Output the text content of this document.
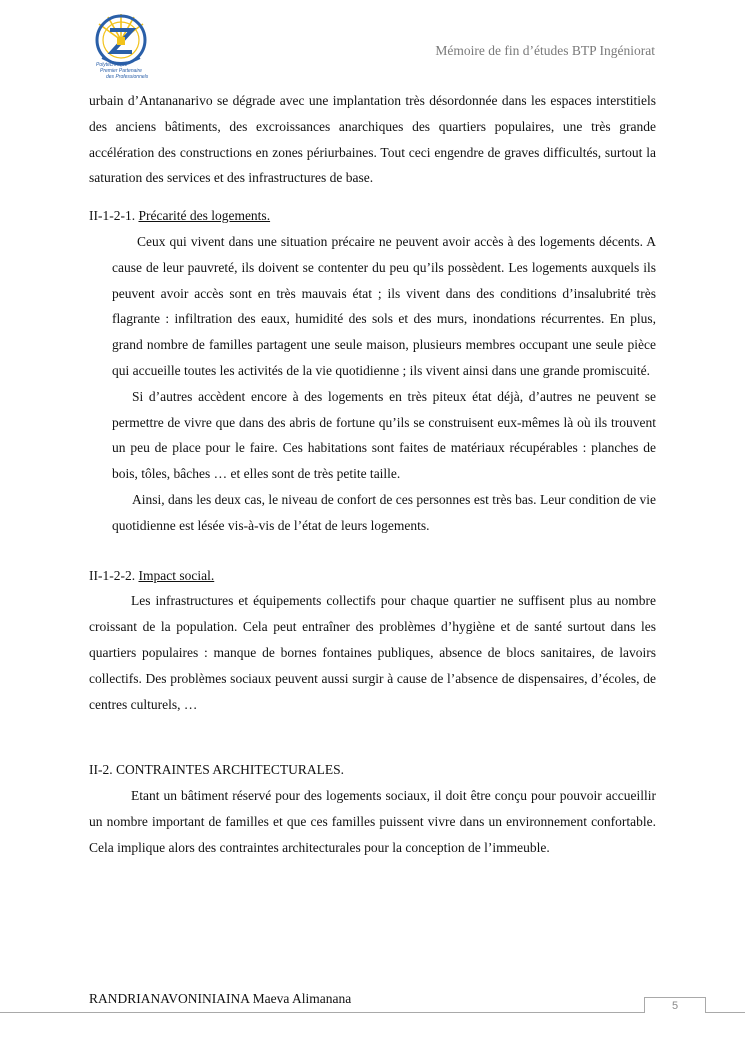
Polytechnique
Premier Partenaire
des Professionnels
Mémoire de fin d’études BTP Ingéniorat

urbain d’Antananarivo se dégrade avec une implantation très désordonnée dans les espaces interstitiels des anciens bâtiments, des excroissances anarchiques des quartiers populaires, une très grande accélération des constructions en zones périurbaines. Tout ceci engendre de graves difficultés, surtout la saturation des services et des infrastructures de base.

II-1-2-1. Précarité des logements.

Ceux qui vivent dans une situation précaire ne peuvent avoir accès à des logements décents. A cause de leur pauvreté, ils doivent se contenter du peu qu’ils possèdent. Les logements auxquels ils peuvent avoir accès sont en très mauvais état ; ils vivent dans des conditions d’insalubrité très flagrante : infiltration des eaux, humidité des sols et des murs, inondations récurrentes. En plus, grand nombre de familles partagent une seule maison, plusieurs membres occupant une seule pièce qui accueille toutes les activités de la vie quotidienne ; ils vivent ainsi dans une grande promiscuité.

Si d’autres accèdent encore à des logements en très piteux état déjà, d’autres ne peuvent se permettre de vivre que dans des abris de fortune qu’ils se construisent eux-mêmes là où ils trouvent un peu de place pour le faire. Ces habitations sont faites de matériaux récupérables : planches de bois, tôles, bâches … et elles sont de très petite taille.

Ainsi, dans les deux cas, le niveau de confort de ces personnes est très bas. Leur condition de vie quotidienne est lésée vis-à-vis de l’état de leurs logements.

II-1-2-2. Impact social.

Les infrastructures et équipements collectifs pour chaque quartier ne suffisent plus au nombre croissant de la population. Cela peut entraîner des problèmes d’hygiène et de santé surtout dans les quartiers populaires : manque de bornes fontaines publiques, absence de blocs sanitaires, de lavoirs collectifs. Des problèmes sociaux peuvent aussi surgir à cause de l’absence de dispensaires, d’écoles, de centres culturels, …

II-2. CONTRAINTES ARCHITECTURALES.

Etant un bâtiment réservé pour des logements sociaux, il doit être conçu pour pouvoir accueillir un nombre important de familles et que ces familles puissent vivre dans un environnement confortable. Cela implique alors des contraintes architecturales pour la conception de l’immeuble.

RANDRIANAVONINIAINA Maeva Alimanana	5
